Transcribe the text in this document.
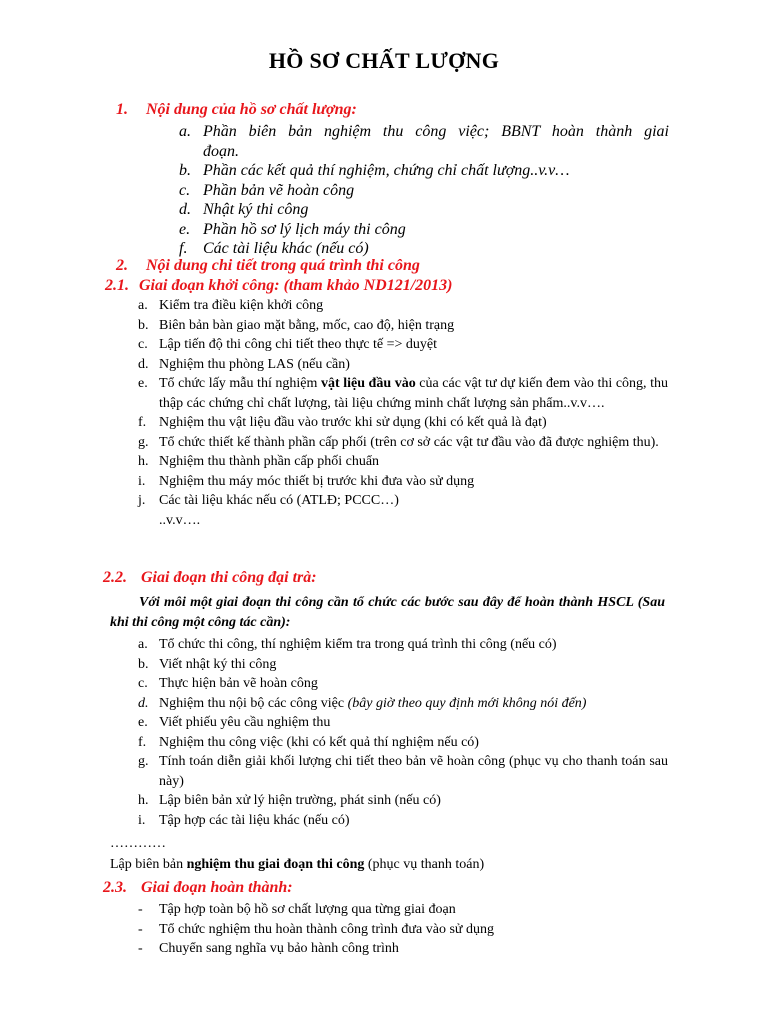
HỒ SƠ CHẤT LƯỢNG
1. Nội dung của hồ sơ chất lượng:
a. Phần biên bản nghiệm thu công việc; BBNT hoàn thành giai
đoạn.
b. Phần các kết quả thí nghiệm, chứng chỉ chất lượng..v.v…
c. Phần bản vẽ hoàn công
d. Nhật ký thi công
e. Phần hồ sơ lý lịch máy thi công
f. Các tài liệu khác (nếu có)
2. Nội dung chi tiết trong quá trình thi công
2.1. Giai đoạn khởi công: (tham khảo ND121/2013)
a. Kiểm tra điều kiện khởi công
b. Biên bản bàn giao mặt bằng, mốc, cao độ, hiện trạng
c. Lập tiến độ thi công chi tiết theo thực tế => duyệt
d. Nghiệm thu phòng LAS (nếu cần)
e. Tổ chức lấy mẫu thí nghiệm vật liệu đầu vào của các vật tư dự kiến đem vào thi công, thu thập các chứng chỉ chất lượng, tài liệu chứng minh chất lượng sản phẩm..v.v….
f. Nghiệm thu vật liệu đầu vào trước khi sử dụng (khi có kết quả là đạt)
g. Tổ chức thiết kế thành phần cấp phối (trên cơ sở các vật tư đầu vào đã được nghiệm thu).
h. Nghiệm thu thành phần cấp phối chuẩn
i. Nghiệm thu máy móc thiết bị trước khi đưa vào sử dụng
j. Các tài liệu khác nếu có (ATLĐ; PCCC…)
..v.v….
2.2. Giai đoạn thi công đại trà:
Với môi một giai đoạn thi công cần tổ chức các bước sau đây để hoàn thành HSCL (Sau khi thi công một công tác cần):
a. Tổ chức thi công, thí nghiệm kiểm tra trong quá trình thi công (nếu có)
b. Viết nhật ký thi công
c. Thực hiện bản vẽ hoàn công
d. Nghiệm thu nội bộ các công việc (bây giờ theo quy định mới không nói đến)
e. Viết phiếu yêu cầu nghiệm thu
f. Nghiệm thu công việc (khi có kết quả thí nghiệm nếu có)
g. Tính toán diễn giải khối lượng chi tiết theo bản vẽ hoàn công (phục vụ cho thanh toán sau này)
h. Lập biên bản xử lý hiện trường, phát sinh (nếu có)
i. Tập hợp các tài liệu khác (nếu có)
…………
Lập biên bản nghiệm thu giai đoạn thi công (phục vụ thanh toán)
2.3. Giai đoạn hoàn thành:
- Tập hợp toàn bộ hồ sơ chất lượng qua từng giai đoạn
- Tổ chức nghiệm thu hoàn thành công trình đưa vào sử dụng
- Chuyển sang nghĩa vụ bảo hành công trình
